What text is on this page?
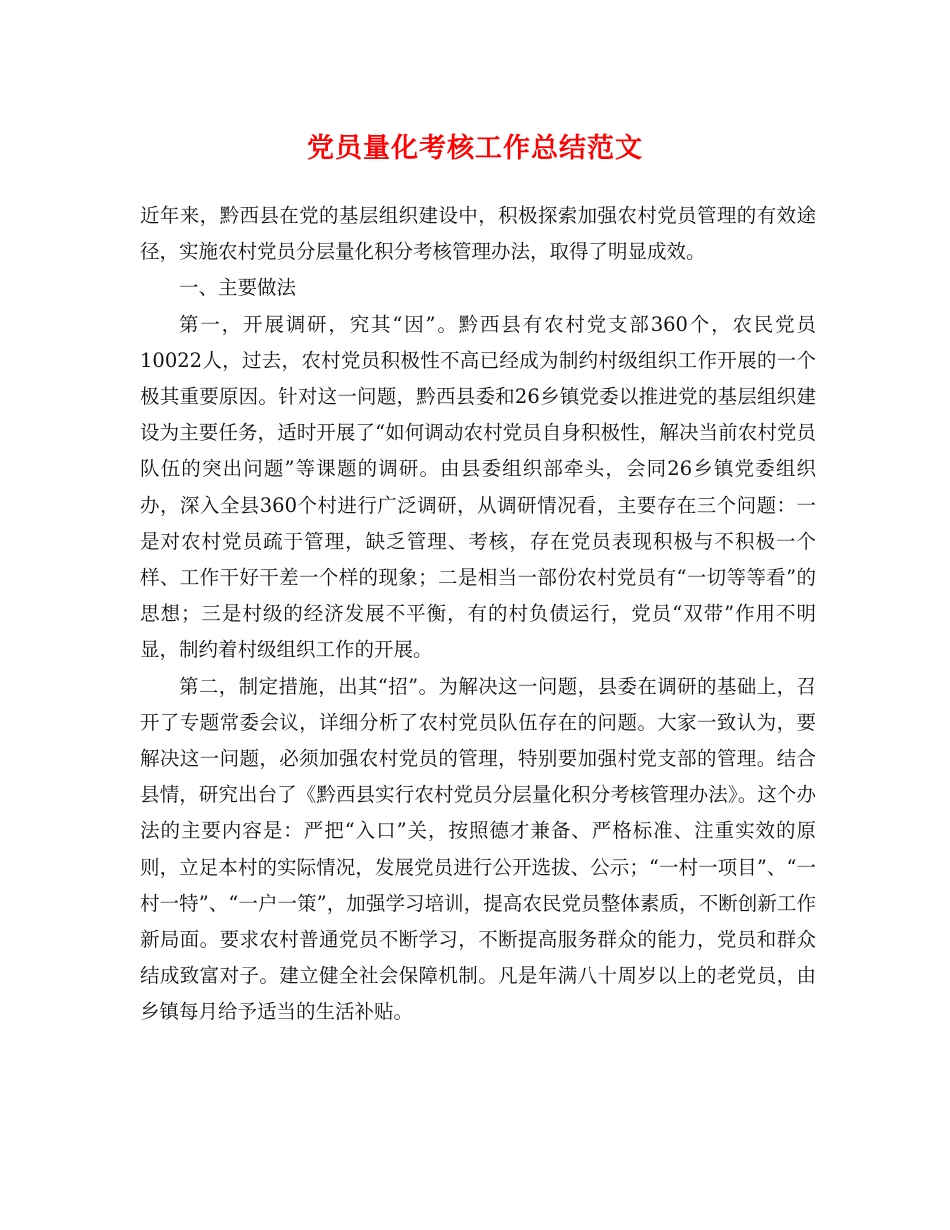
党员量化考核工作总结范文

近年来，黔西县在党的基层组织建设中，积极探索加强农村党员管理的有效途径，实施农村党员分层量化积分考核管理办法，取得了明显成效。

一、主要做法

第一，开展调研，究其“因”。黔西县有农村党支部360个，农民党员10022人，过去，农村党员积极性不高已经成为制约村级组织工作开展的一个极其重要原因。针对这一问题，黔西县委和26乡镇党委以推进党的基层组织建设为主要任务，适时开展了“如何调动农村党员自身积极性，解决当前农村党员队伍的突出问题”等课题的调研。由县委组织部牵头，会同26乡镇党委组织办，深入全县360个村进行广泛调研，从调研情况看，主要存在三个问题：一是对农村党员疏于管理，缺乏管理、考核，存在党员表现积极与不积极一个样、工作干好干差一个样的现象；二是相当一部份农村党员有“一切等等看”的思想；三是村级的经济发展不平衡，有的村负债运行，党员“双带”作用不明显，制约着村级组织工作的开展。

第二，制定措施，出其“招”。为解决这一问题，县委在调研的基础上，召开了专题常委会议，详细分析了农村党员队伍存在的问题。大家一致认为，要解决这一问题，必须加强农村党员的管理，特别要加强村党支部的管理。结合县情，研究出台了《黔西县实行农村党员分层量化积分考核管理办法》。这个办法的主要内容是：严把“入口”关，按照德才兼备、严格标准、注重实效的原则，立足本村的实际情况，发展党员进行公开选拔、公示；“一村一项目”、“一村一特”、“一户一策”，加强学习培训，提高农民党员整体素质，不断创新工作新局面。要求农村普通党员不断学习，不断提高服务群众的能力，党员和群众结成致富对子。建立健全社会保障机制。凡是年满八十周岁以上的老党员，由乡镇每月给予适当的生活补贴。
